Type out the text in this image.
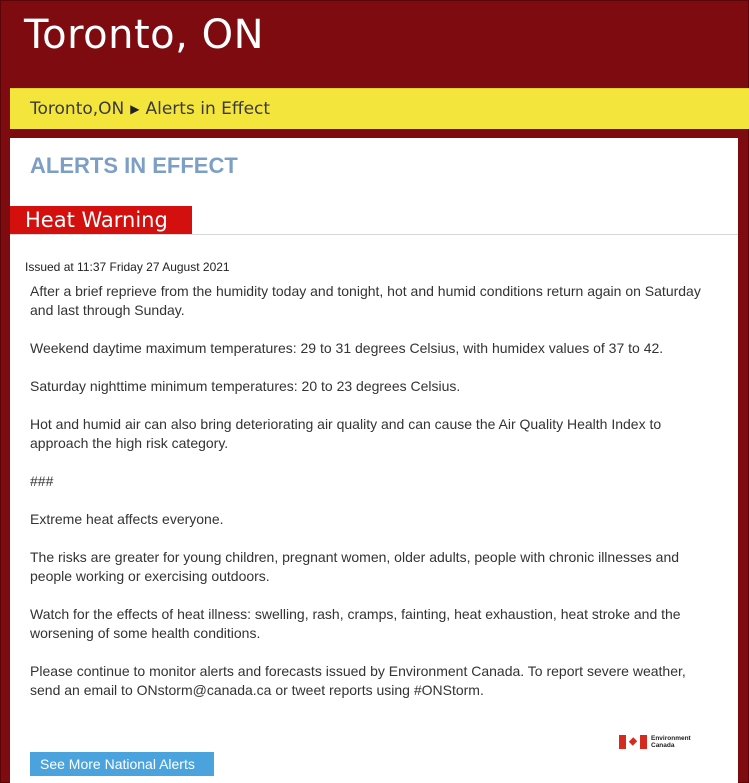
Toronto, ON
Toronto,ON ▶ Alerts in Effect
ALERTS IN EFFECT
Heat Warning
Issued at 11:37 Friday 27 August 2021

After a brief reprieve from the humidity today and tonight, hot and humid conditions return again on Saturday and last through Sunday.

Weekend daytime maximum temperatures: 29 to 31 degrees Celsius, with humidex values of 37 to 42.

Saturday nighttime minimum temperatures: 20 to 23 degrees Celsius.

Hot and humid air can also bring deteriorating air quality and can cause the Air Quality Health Index to approach the high risk category.

###

Extreme heat affects everyone.

The risks are greater for young children, pregnant women, older adults, people with chronic illnesses and people working or exercising outdoors.

Watch for the effects of heat illness: swelling, rash, cramps, fainting, heat exhaustion, heat stroke and the worsening of some health conditions.

Please continue to monitor alerts and forecasts issued by Environment Canada. To report severe weather, send an email to ONstorm@canada.ca or tweet reports using #ONStorm.

Environment
Canada
See More National Alerts
